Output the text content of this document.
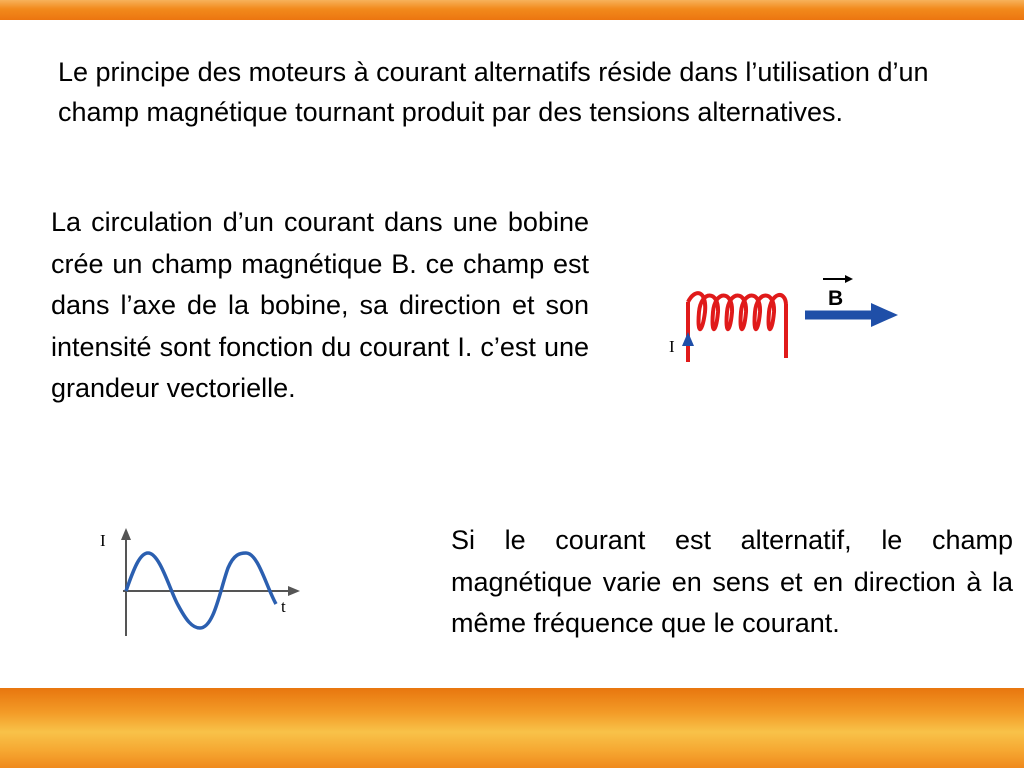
Le principe des moteurs à courant alternatifs réside dans l’utilisation d’un champ magnétique tournant produit par des tensions alternatives.

La circulation d’un courant dans une bobine crée un champ magnétique B. ce champ est dans l’axe de la bobine, sa direction et son intensité sont fonction du courant I. c’est une grandeur vectorielle.

I
B
I
t

Si le courant est alternatif, le champ magnétique varie en sens et en direction à la même fréquence que le courant.
